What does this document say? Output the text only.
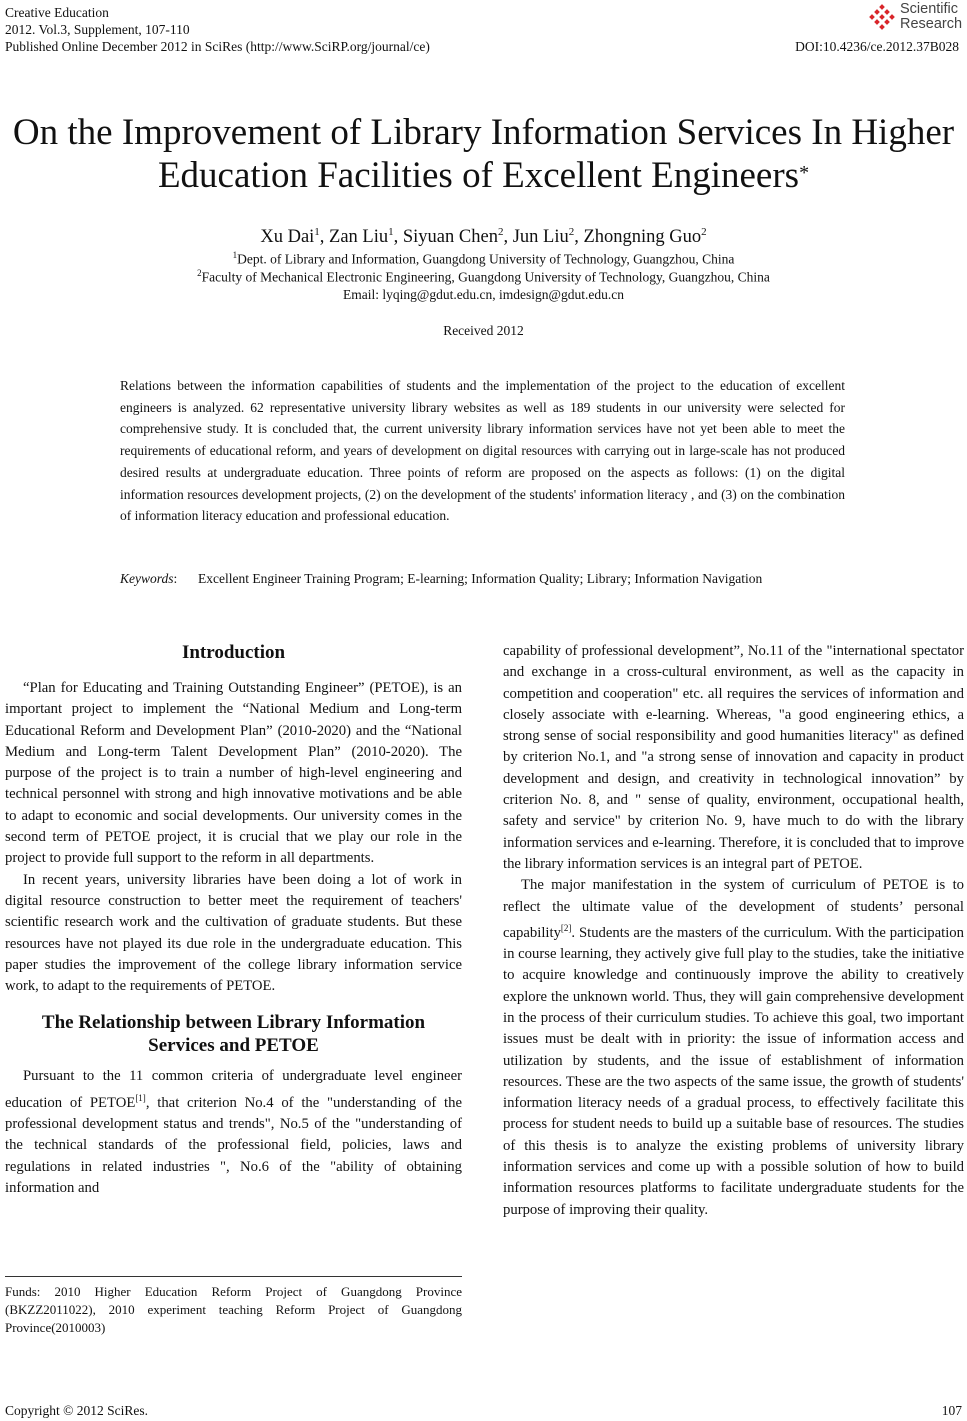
Creative Education
2012. Vol.3, Supplement, 107-110
Published Online December 2012 in SciRes (http://www.SciRP.org/journal/ce)
Scientific
Research
DOI:10.4236/ce.2012.37B028
On the Improvement of Library Information Services In Higher
Education Facilities of Excellent Engineers*
Xu Dai$^1$, Zan Liu$^1$, Siyuan Chen$^2$, Jun Liu$^2$, Zhongning Guo$^2$
$^1$Dept. of Library and Information, Guangdong University of Technology, Guangzhou, China
$^2$Faculty of Mechanical Electronic Engineering, Guangdong University of Technology, Guangzhou, China
Email: lyqing@gdut.edu.cn, imdesign@gdut.edu.cn
Received 2012
Relations between the information capabilities of students and the implementation of the project to the education of excellent engineers is analyzed. 62 representative university library websites as well as 189 students in our university were selected for comprehensive study. It is concluded that, the current university library information services have not yet been able to meet the requirements of educational reform, and years of development on digital resources with carrying out in large-scale has not produced desired results at undergraduate education. Three points of reform are proposed on the aspects as follows: (1) on the digital information resources development projects, (2) on the development of the students' information literacy , and (3) on the combination of information literacy education and professional education.
Keywords: Excellent Engineer Training Program; E-learning; Information Quality; Library; Information Navigation
Introduction

“Plan for Educating and Training Outstanding Engineer” (PETOE), is an important project to implement the “National Medium and Long-term Educational Reform and Development Plan” (2010-2020) and the “National Medium and Long-term Talent Development Plan” (2010-2020). The purpose of the project is to train a number of high-level engineering and technical personnel with strong and high innovative motivations and be able to adapt to economic and social developments. Our university comes in the second term of PETOE project, it is crucial that we play our role in the project to provide full support to the reform in all departments.

In recent years, university libraries have been doing a lot of work in digital resource construction to better meet the requirement of teachers' scientific research work and the cultivation of graduate students. But these resources have not played its due role in the undergraduate education. This paper studies the improvement of the college library information service work, to adapt to the requirements of PETOE.

The Relationship between Library Information
Services and PETOE

Pursuant to the 11 common criteria of undergraduate level engineer education of PETOE[1], that criterion No.4 of the "understanding of the professional development status and trends", No.5 of the "understanding of the technical standards of the professional field, policies, laws and regulations in related industries ", No.6 of the "ability of obtaining information and

capability of professional development”, No.11 of the "international spectator and exchange in a cross-cultural environment, as well as the capacity in competition and cooperation" etc. all requires the services of information and closely associate with e-learning. Whereas, "a good engineering ethics, a strong sense of social responsibility and good humanities literacy" as defined by criterion No.1, and "a strong sense of innovation and capacity in product development and design, and creativity in technological innovation” by criterion No. 8, and " sense of quality, environment, occupational health, safety and service" by criterion No. 9, have much to do with the library information services and e-learning. Therefore, it is concluded that to improve the library information services is an integral part of PETOE.

The major manifestation in the system of curriculum of PETOE is to reflect the ultimate value of the development of students’ personal capability[2]. Students are the masters of the curriculum. With the participation in course learning, they actively give full play to the studies, take the initiative to acquire knowledge and continuously improve the ability to creatively explore the unknown world. Thus, they will gain comprehensive development in the process of their curriculum studies. To achieve this goal, two important issues must be dealt with in priority: the issue of information access and utilization by students, and the issue of establishment of information resources. These are the two aspects of the same issue, the growth of students' information literacy needs of a gradual process, to effectively facilitate this process for student needs to build up a suitable base of resources. The studies of this thesis is to analyze the existing problems of university library information services and come up with a possible solution of how to build information resources platforms to facilitate undergraduate students for the purpose of improving their quality.

Funds: 2010 Higher Education Reform Project of Guangdong Province (BKZZ2011022), 2010 experiment teaching Reform Project of Guangdong Province(2010003)
Copyright © 2012 SciRes.	107
